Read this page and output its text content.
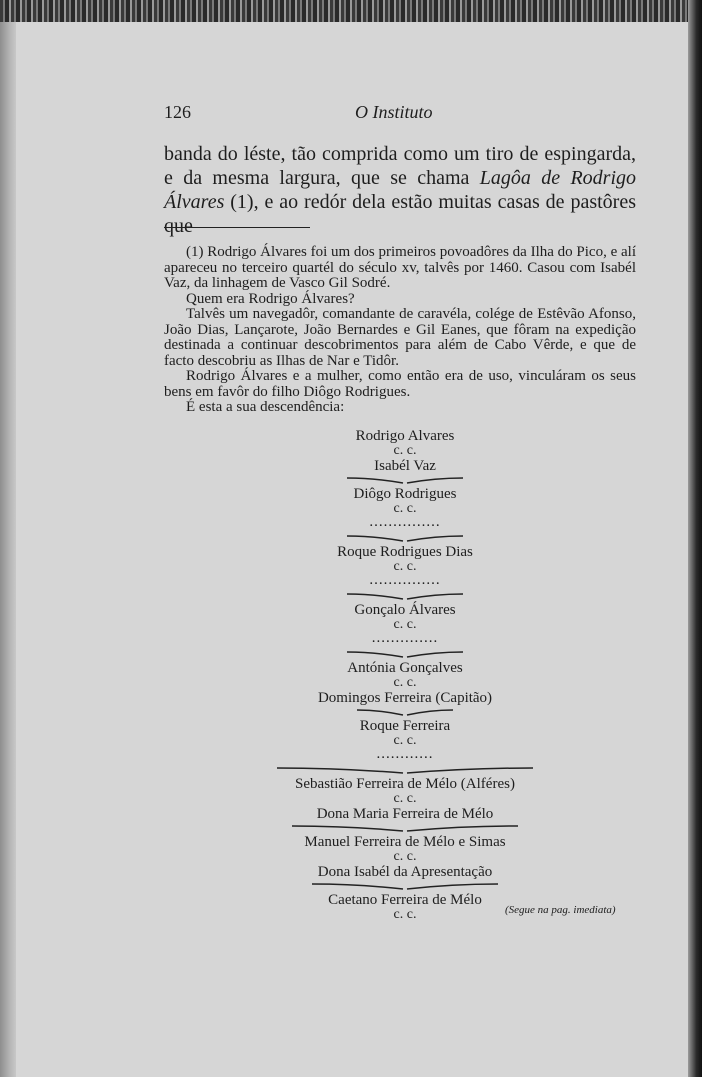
126	O Instituto

banda do léste, tão comprida como um tiro de espingarda, e da mesma largura, que se chama Lagôa de Rodrigo Álvares (1), e ao redór dela estão muitas casas de pastôres que

(1) Rodrigo Álvares foi um dos primeiros povoadôres da Ilha do Pico, e alí apareceu no terceiro quartél do século xv, talvês por 1460. Casou com Isabél Vaz, da linhagem de Vasco Gil Sodré.

Quem era Rodrigo Álvares?

Talvês um navegadôr, comandante de caravéla, colége de Estêvão Afonso, João Dias, Lançarote, João Bernardes e Gil Eanes, que fôram na expedição destinada a continuar descobrimentos para além de Cabo Vêrde, e que de facto descobriu as Ilhas de Nar e Tidôr.

Rodrigo Álvares e a mulher, como então era de uso, vinculáram os seus bens em favôr do filho Diôgo Rodrigues.

É esta a sua descendência:

Rodrigo Alvares
c. c.
Isabél Vaz
Diôgo Rodrigues
c. c.
...............
Roque Rodrigues Dias
c. c.
...............
Gonçalo Álvares
c. c.
..............
Antónia Gonçalves
c. c.
Domingos Ferreira (Capitão)
Roque Ferreira
c. c.
............
Sebastião Ferreira de Mélo (Alféres)
c. c.
Dona Maria Ferreira de Mélo
Manuel Ferreira de Mélo e Simas
c. c.
Dona Isabél da Apresentação
Caetano Ferreira de Mélo
c. c.	(Segue na pag. imediata)
